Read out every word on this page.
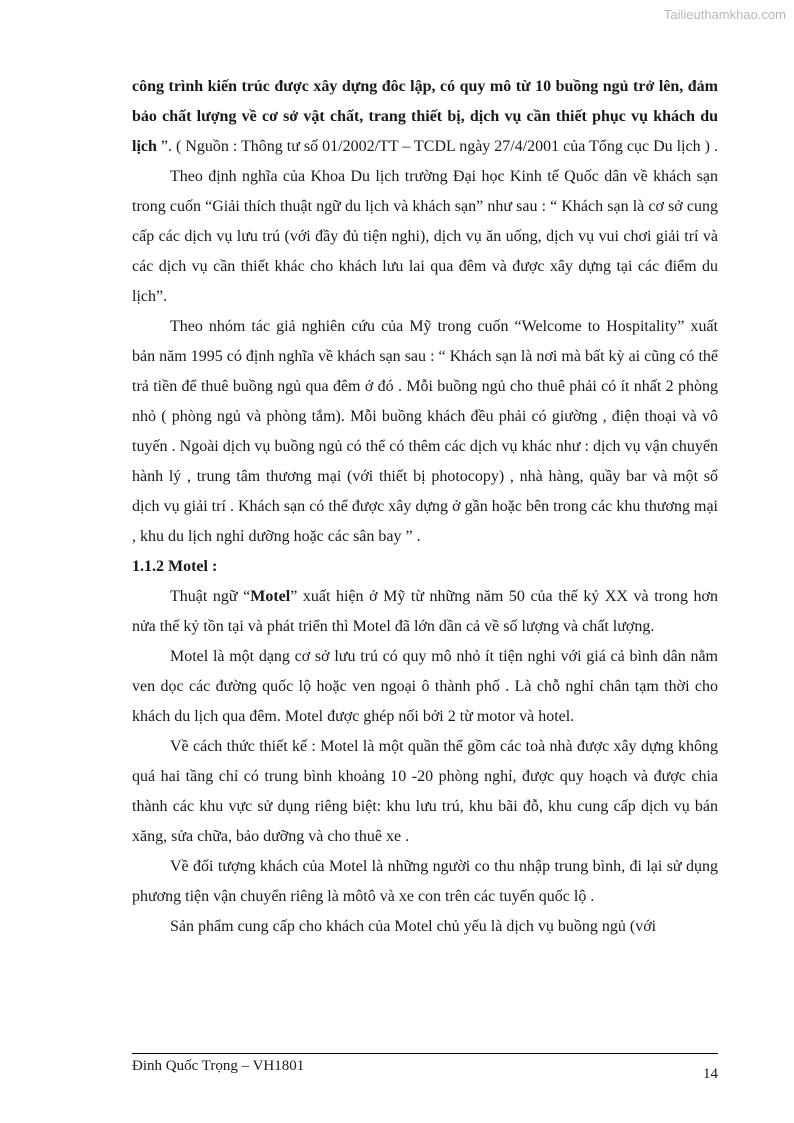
Tailieuthamkhao.com

công trình kiến trúc được xây dựng đôc lập, có quy mô từ 10 buồng ngủ trở lên, đảm bảo chất lượng về cơ sở vật chất, trang thiết bị, dịch vụ cần thiết phục vụ khách du lịch ”. ( Nguồn : Thông tư số 01/2002/TT – TCDL ngày 27/4/2001 của Tổng cục Du lịch ) .

Theo định nghĩa của Khoa Du lịch trường Đại học Kinh tế Quốc dân về khách sạn trong cuốn “Giải thích thuật ngữ du lịch và khách sạn” như sau : “ Khách sạn là cơ sở cung cấp các dịch vụ lưu trú (với đầy đủ tiện nghi), dịch vụ ăn uống, dịch vụ vui chơi giải trí và các dịch vụ cần thiết khác cho khách lưu lai qua đêm và được xây dựng tại các điểm du lịch”.

Theo nhóm tác giả nghiên cứu của Mỹ trong cuốn “Welcome to Hospitality” xuất bản năm 1995 có định nghĩa về khách sạn sau : “ Khách sạn là nơi mà bất kỳ ai cũng có thể trả tiền để thuê buồng ngủ qua đêm ở đó . Mỗi buồng ngủ cho thuê phải có ít nhất 2 phòng nhỏ ( phòng ngủ và phòng tắm). Mỗi buồng khách đều phải có giường , điện thoại và vô tuyến . Ngoài dịch vụ buồng ngủ có thể có thêm các dịch vụ khác như : dịch vụ vận chuyển hành lý , trung tâm thương mại (với thiết bị photocopy) , nhà hàng, quầy bar và một số dịch vụ giải trí . Khách sạn có thể được xây dựng ở gần hoặc bên trong các khu thương mại , khu du lịch nghỉ dưỡng hoặc các sân bay ” .

1.1.2 Motel :

Thuật ngữ “Motel” xuất hiện ở Mỹ từ những năm 50 của thế kỷ XX và trong hơn nửa thế kỷ tồn tại và phát triển thì Motel đã lớn dần cả về số lượng và chất lượng.

Motel là một dạng cơ sở lưu trú có quy mô nhỏ ít tiện nghi với giá cả bình dân nằm ven dọc các đường quốc lộ hoặc ven ngoại ô thành phố . Là chỗ nghỉ chân tạm thời cho khách du lịch qua đêm. Motel được ghép nối bởi 2 từ motor và hotel.

Về cách thức thiết kế : Motel là một quần thể gồm các toà nhà được xây dựng không quá hai tầng chỉ có trung bình khoảng 10 -20 phòng nghỉ, được quy hoạch và được chia thành các khu vực sử dụng riêng biệt: khu lưu trú, khu bãi đỗ, khu cung cấp dịch vụ bán xăng, sửa chữa, bảo dưỡng và cho thuê xe .

Về đối tượng khách của Motel là những người co thu nhập trung bình, đi lại sử dụng phương tiện vận chuyển riêng là môtô và xe con trên các tuyến quốc lộ .

Sản phẩm cung cấp cho khách của Motel chủ yếu là dịch vụ buồng ngủ (với

Đinh Quốc Trọng – VH1801	14
